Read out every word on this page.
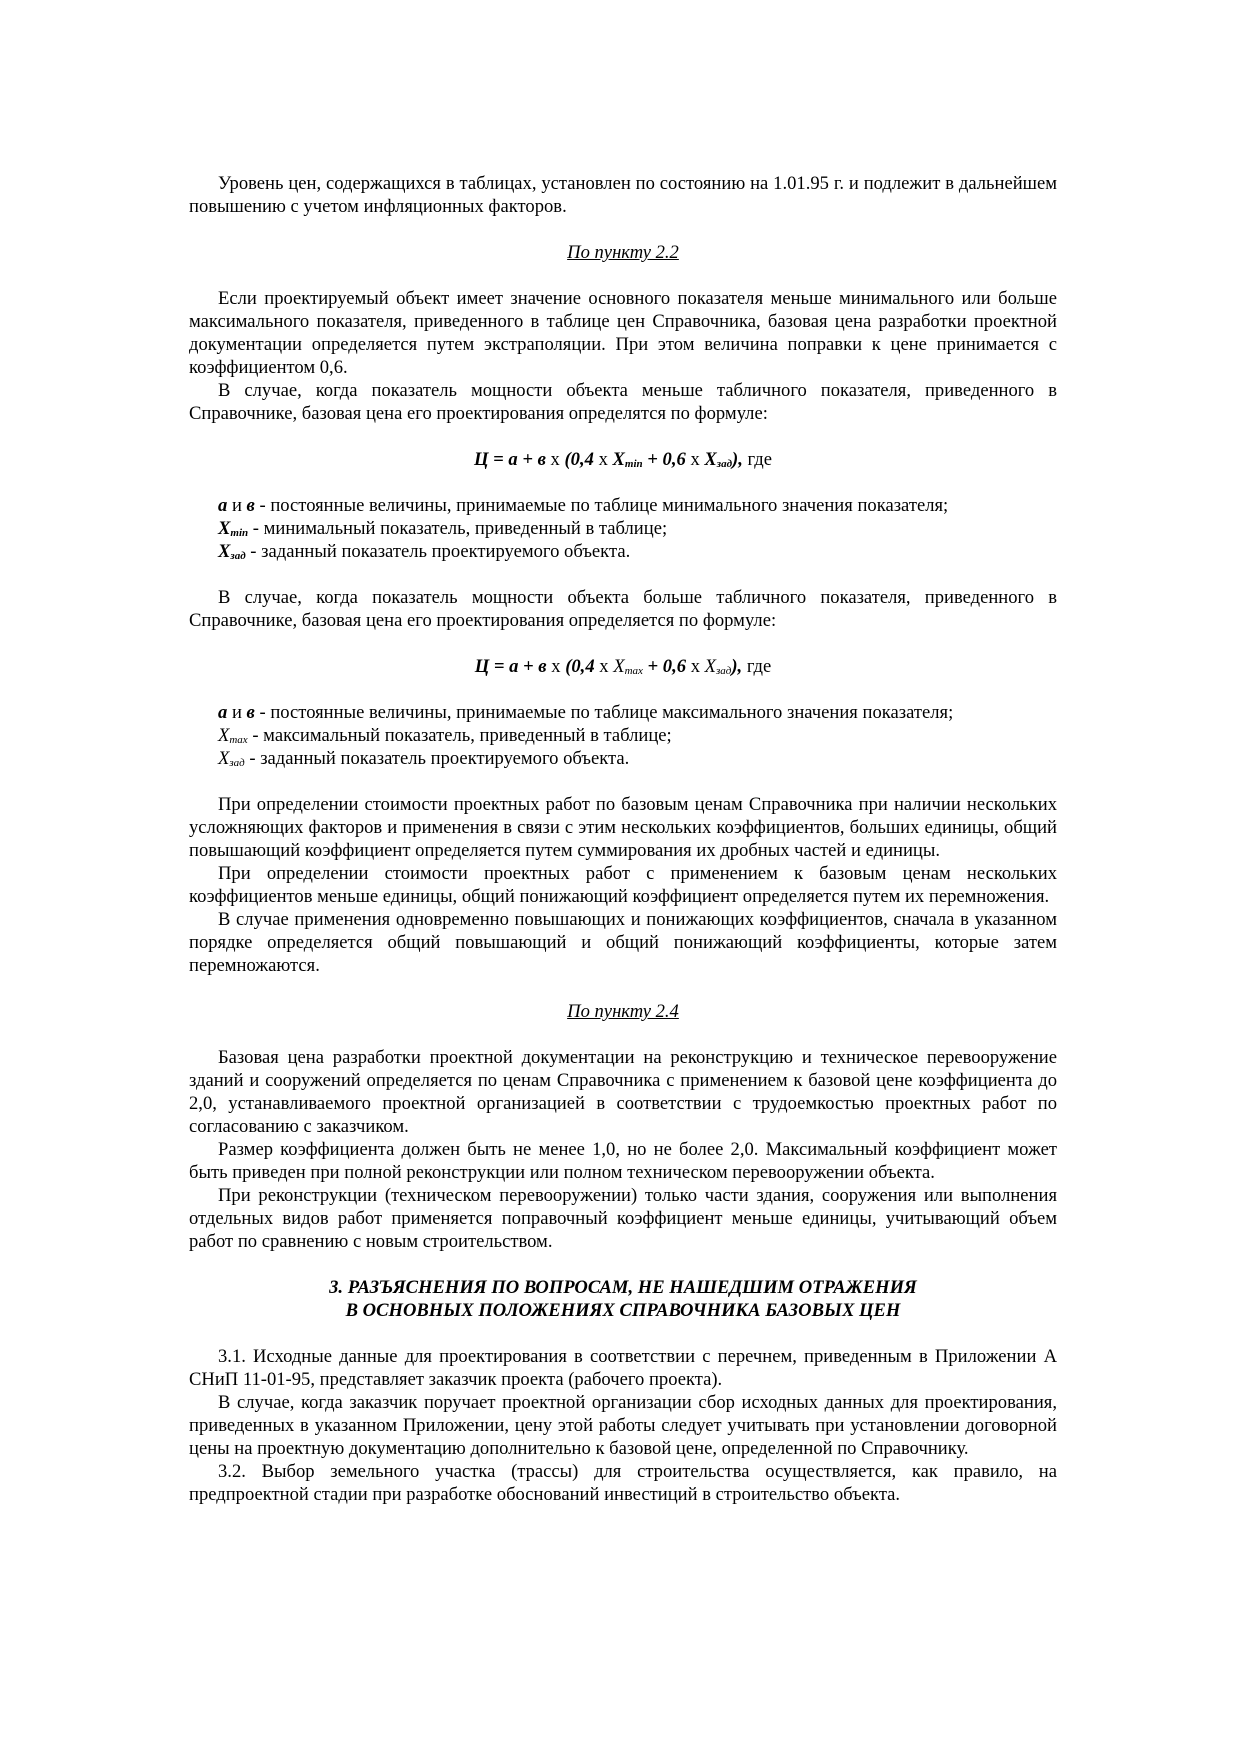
Уровень цен, содержащихся в таблицах, установлен по состоянию на 1.01.95 г. и подлежит в дальнейшем повышению с учетом инфляционных факторов.

По пункту 2.2

Если проектируемый объект имеет значение основного показателя меньше минимального или больше максимального показателя, приведенного в таблице цен Справочника, базовая цена разработки проектной документации определяется путем экстраполяции. При этом величина поправки к цене принимается с коэффициентом 0,6.

В случае, когда показатель мощности объекта меньше табличного показателя, приведенного в Справочнике, базовая цена его проектирования определятся по формуле:

Ц = а + в х (0,4 х $X_{min} + 0,6$ х $X_{зад}$), где
а и в - постоянные величины, принимаемые по таблице минимального значения показателя;
$X_{min}$ - минимальный показатель, приведенный в таблице;
$X_{зад}$ - заданный показатель проектируемого объекта.

В случае, когда показатель мощности объекта больше табличного показателя, приведенного в Справочнике, базовая цена его проектирования определяется по формуле:

Ц = а + в х (0,4 х $X_{max} + 0,6$ х $X_{зад}$), где
а и в - постоянные величины, принимаемые по таблице максимального значения показателя;
$X_{max}$ - максимальный показатель, приведенный в таблице;
$X_{зад}$ - заданный показатель проектируемого объекта.

При определении стоимости проектных работ по базовым ценам Справочника при наличии нескольких усложняющих факторов и применения в связи с этим нескольких коэффициентов, больших единицы, общий повышающий коэффициент определяется путем суммирования их дробных частей и единицы.

При определении стоимости проектных работ с применением к базовым ценам нескольких коэффициентов меньше единицы, общий понижающий коэффициент определяется путем их перемножения.

В случае применения одновременно повышающих и понижающих коэффициентов, сначала в указанном порядке определяется общий повышающий и общий понижающий коэффициенты, которые затем перемножаются.

По пункту 2.4

Базовая цена разработки проектной документации на реконструкцию и техническое перевооружение зданий и сооружений определяется по ценам Справочника с применением к базовой цене коэффициента до 2,0, устанавливаемого проектной организацией в соответствии с трудоемкостью проектных работ по согласованию с заказчиком.

Размер коэффициента должен быть не менее 1,0, но не более 2,0. Максимальный коэффициент может быть приведен при полной реконструкции или полном техническом перевооружении объекта.

При реконструкции (техническом перевооружении) только части здания, сооружения или выполнения отдельных видов работ применяется поправочный коэффициент меньше единицы, учитывающий объем работ по сравнению с новым строительством.

3. РАЗЪЯСНЕНИЯ ПО ВОПРОСАМ, НЕ НАШЕДШИМ ОТРАЖЕНИЯ
В ОСНОВНЫХ ПОЛОЖЕНИЯХ СПРАВОЧНИКА БАЗОВЫХ ЦЕН

3.1. Исходные данные для проектирования в соответствии с перечнем, приведенным в Приложении А СНиП 11-01-95, представляет заказчик проекта (рабочего проекта).

В случае, когда заказчик поручает проектной организации сбор исходных данных для проектирования, приведенных в указанном Приложении, цену этой работы следует учитывать при установлении договорной цены на проектную документацию дополнительно к базовой цене, определенной по Справочнику.

3.2. Выбор земельного участка (трассы) для строительства осуществляется, как правило, на предпроектной стадии при разработке обоснований инвестиций в строительство объекта.
